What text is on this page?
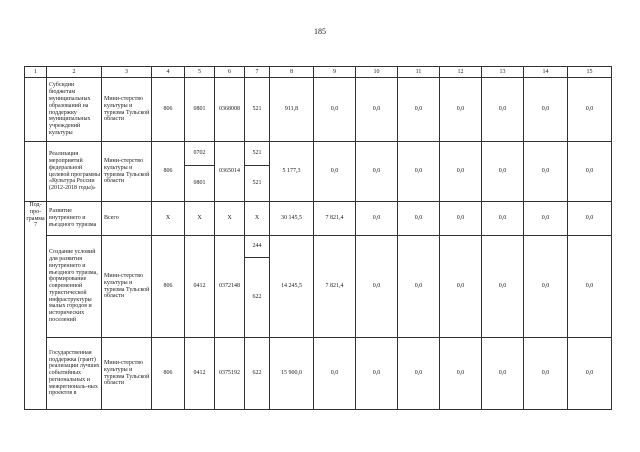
185
1	2	3	4	5	6	7	8	9	10	11	12	13	14	15
	Субсидии бюджетам муниципальных образований на поддержку муниципальных учреждений культуры	Мини-стерство культуры и туризма Тульской области	806	0801	0368008	521	911,8	0,0	0,0	0,0	0,0	0,0	0,0	0,0
	Реализация мероприятий федеральной целевой программы «Культура России (2012-2018 годы)»	Мини-стерство культуры и туризма Тульской области	806	0702	0365014	521	5 177,3	0,0	0,0	0,0	0,0	0,0	0,0	0,0
				0801		521								
Под-про-грамма 7	Развитие внутреннего и въездного туризма	Всего	X	X	X	X	30 145,5	7 821,4	0,0	0,0	0,0	0,0	0,0	0,0
	Создание условий для развития внутреннего и въездного туризма, формирование современной туристической инфраструктуры малых городов и исторических поселений	Мини-стерство культуры и туризма Тульской области	806	0412	0372148	244	14 245,5	7 821,4	0,0	0,0	0,0	0,0	0,0	0,0
						622								
	Государственная поддержка (грант) реализации лучших событийных региональных и межрегиональ-ных проектов в	Мини-стерство культуры и туризма Тульской области	806	0412	0375192	622	15 900,0	0,0	0,0	0,0	0,0	0,0	0,0	0,0
